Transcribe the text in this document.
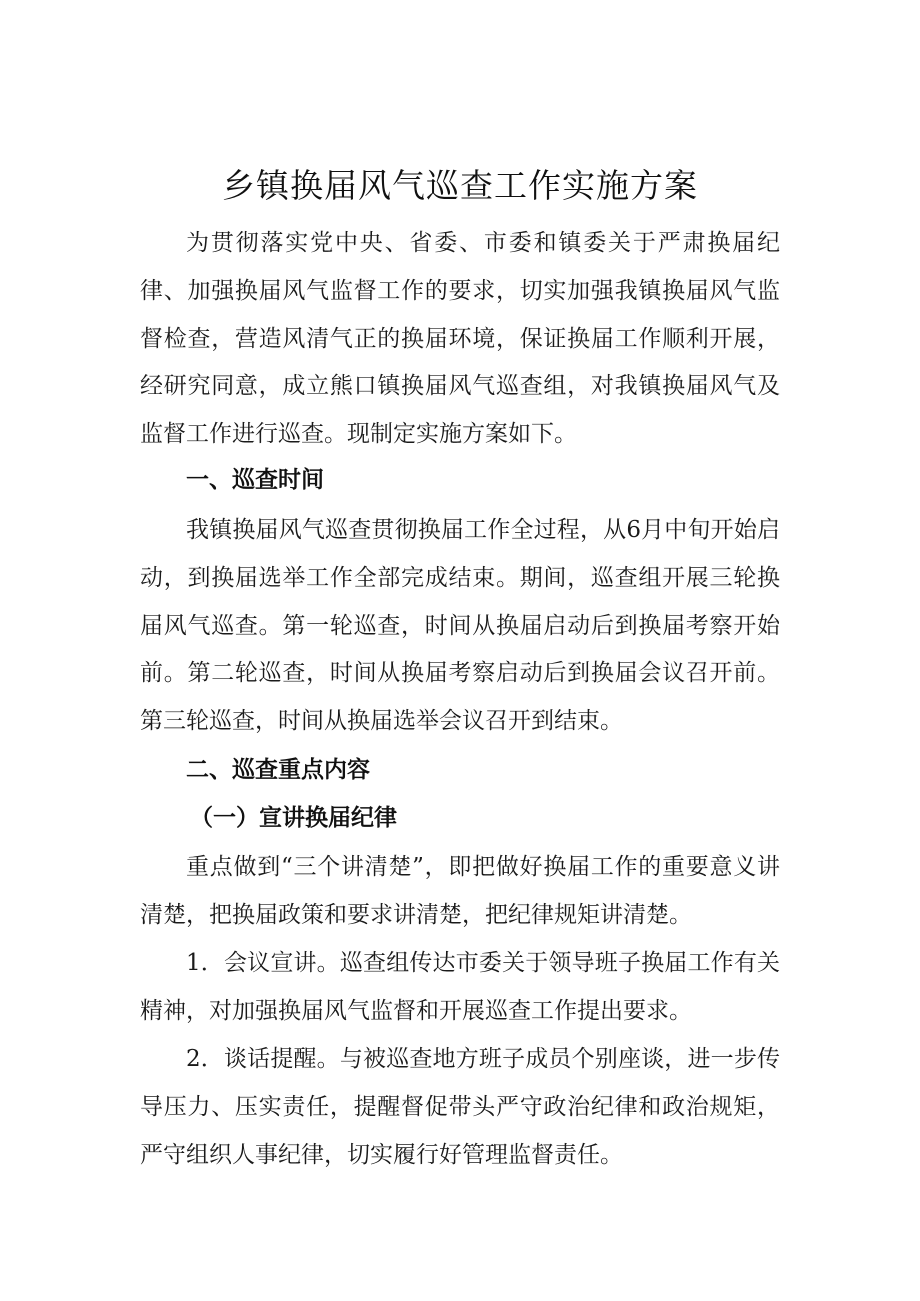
乡镇换届风气巡查工作实施方案

为贯彻落实党中央、省委、市委和镇委关于严肃换届纪律、加强换届风气监督工作的要求，切实加强我镇换届风气监督检查，营造风清气正的换届环境，保证换届工作顺利开展，经研究同意，成立熊口镇换届风气巡查组，对我镇换届风气及监督工作进行巡查。现制定实施方案如下。

一、巡查时间

我镇换届风气巡查贯彻换届工作全过程，从6月中旬开始启动，到换届选举工作全部完成结束。期间，巡查组开展三轮换届风气巡查。第一轮巡查，时间从换届启动后到换届考察开始前。第二轮巡查，时间从换届考察启动后到换届会议召开前。第三轮巡查，时间从换届选举会议召开到结束。

二、巡查重点内容
（一）宣讲换届纪律

重点做到“三个讲清楚”，即把做好换届工作的重要意义讲清楚，把换届政策和要求讲清楚，把纪律规矩讲清楚。

1．会议宣讲。巡查组传达市委关于领导班子换届工作有关精神，对加强换届风气监督和开展巡查工作提出要求。

2．谈话提醒。与被巡查地方班子成员个别座谈，进一步传导压力、压实责任，提醒督促带头严守政治纪律和政治规矩，严守组织人事纪律，切实履行好管理监督责任。
